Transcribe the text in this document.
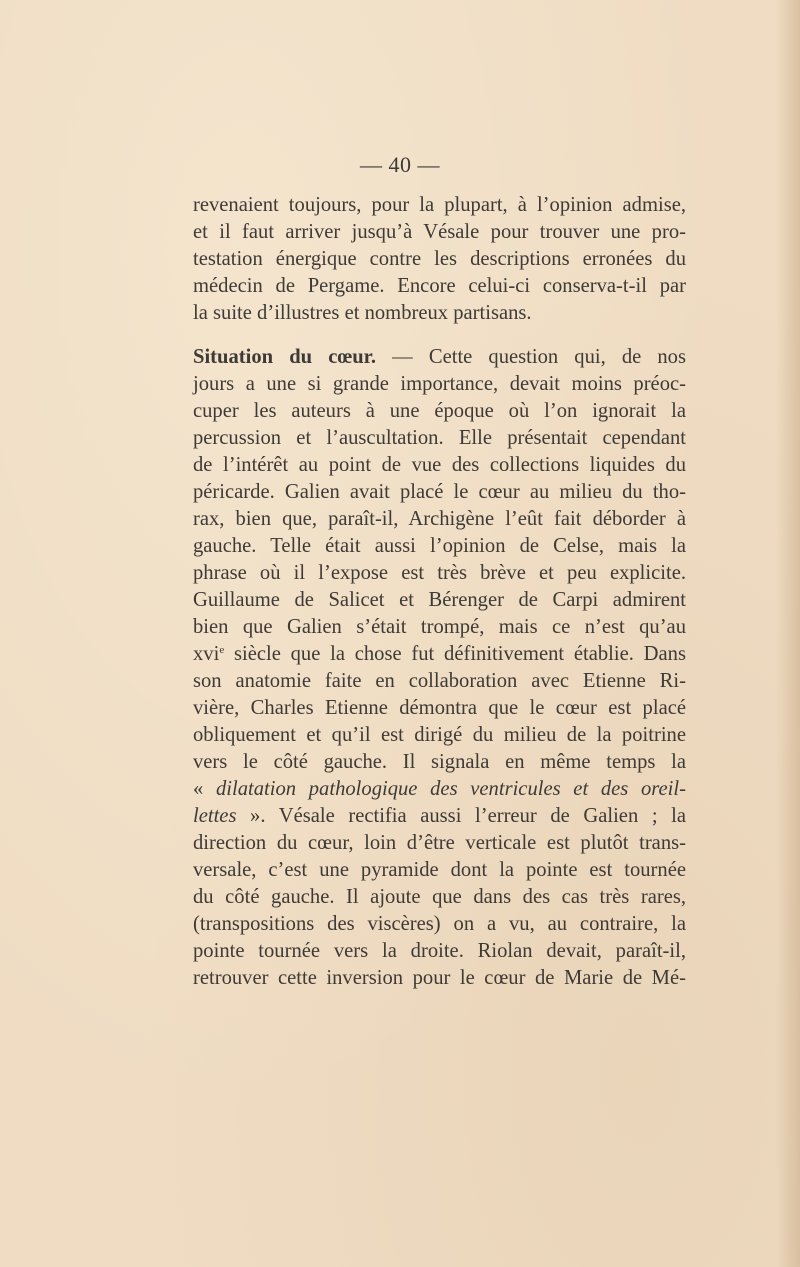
— 40 —
revenaient toujours, pour la plupart, à l’opinion admise,
et il faut arriver jusqu’à Vésale pour trouver une pro-
testation énergique contre les descriptions erronées du
médecin de Pergame. Encore celui-ci conserva-t-il par
la suite d’illustres et nombreux partisans.
Situation du cœur. — Cette question qui, de nos
jours a une si grande importance, devait moins préoc-
cuper les auteurs à une époque où l’on ignorait la
percussion et l’auscultation. Elle présentait cependant
de l’intérêt au point de vue des collections liquides du
péricarde. Galien avait placé le cœur au milieu du tho-
rax, bien que, paraît-il, Archigène l’eût fait déborder à
gauche. Telle était aussi l’opinion de Celse, mais la
phrase où il l’expose est très brève et peu explicite.
Guillaume de Salicet et Bérenger de Carpi admirent
bien que Galien s’était trompé, mais ce n’est qu’au
xvi$^e$ siècle que la chose fut définitivement établie. Dans
son anatomie faite en collaboration avec Etienne Ri-
vière, Charles Etienne démontra que le cœur est placé
obliquement et qu’il est dirigé du milieu de la poitrine
vers le côté gauche. Il signala en même temps la
« dilatation pathologique des ventricules et des oreil-
lettes ». Vésale rectifia aussi l’erreur de Galien ; la
direction du cœur, loin d’être verticale est plutôt trans-
versale, c’est une pyramide dont la pointe est tournée
du côté gauche. Il ajoute que dans des cas très rares,
(transpositions des viscères) on a vu, au contraire, la
pointe tournée vers la droite. Riolan devait, paraît-il,
retrouver cette inversion pour le cœur de Marie de Mé-
